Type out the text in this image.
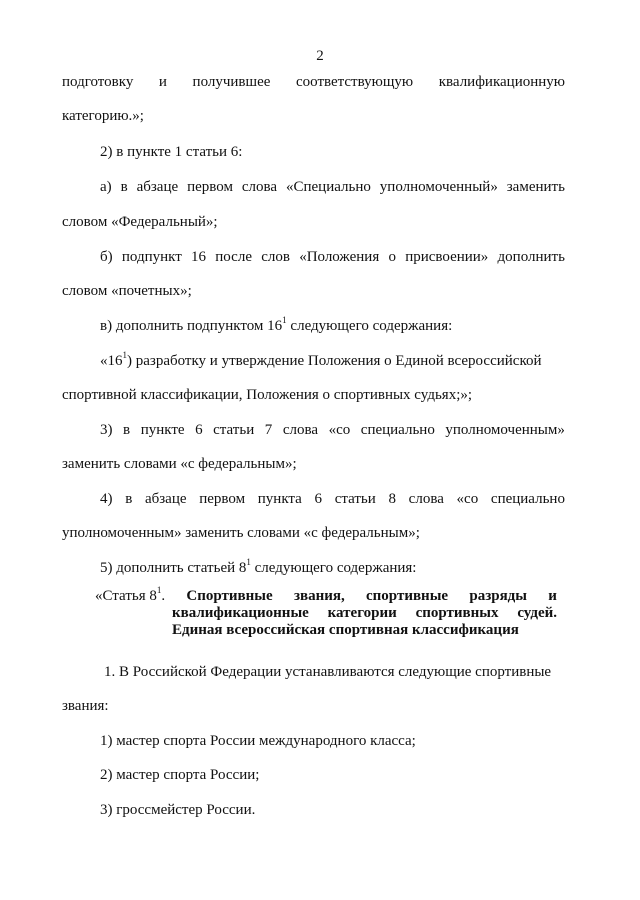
2
подготовку и получившее соответствующую квалификационную
категорию.»;
2) в пункте 1 статьи 6:
а) в абзаце первом слова «Специально уполномоченный» заменить
словом «Федеральный»;
б) подпункт 16 после слов «Положения о присвоении» дополнить
словом «почетных»;
в) дополнить подпунктом $16^1$ следующего содержания:
«$16^1$) разработку и утверждение Положения о Единой всероссийской
спортивной классификации, Положения о спортивных судьях;»;
3) в пункте 6 статьи 7 слова «со специально уполномоченным»
заменить словами «с федеральным»;
4) в абзаце первом пункта 6 статьи 8 слова «со специально
уполномоченным» заменить словами «с федеральным»;
5) дополнить статьей $8^1$ следующего содержания:
«Статья $8^1$. Спортивные звания, спортивные разряды и
квалификационные категории спортивных судей.
Единая всероссийская спортивная классификация
1. В Российской Федерации устанавливаются следующие спортивные
звания:
1) мастер спорта России международного класса;
2) мастер спорта России;
3) гроссмейстер России.
